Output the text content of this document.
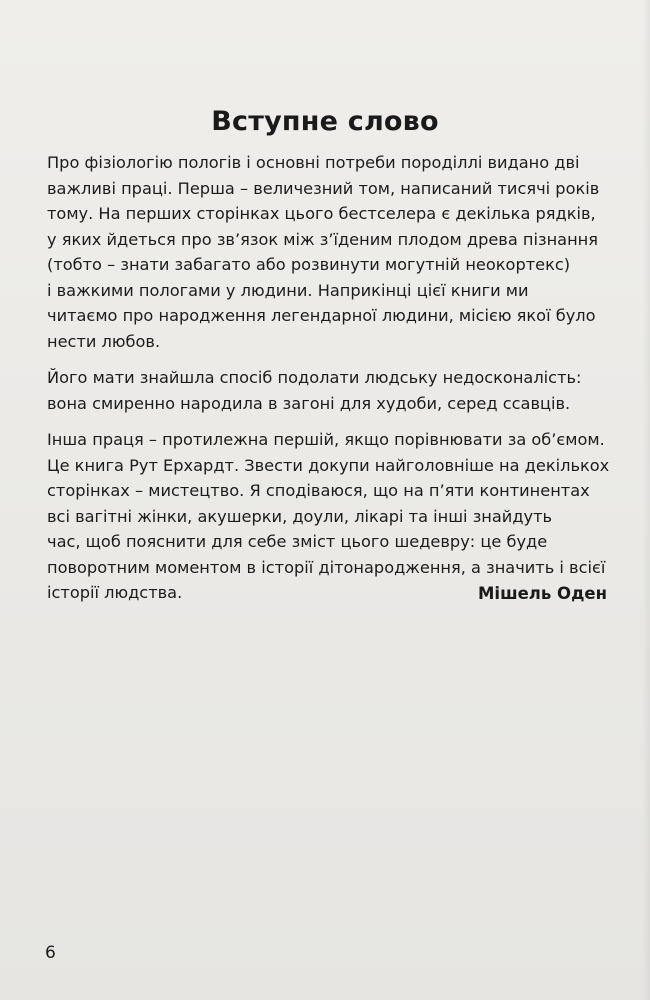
Вступне слово

Про фізіологію пологів і основні потреби породіллі видано дві
важливі праці. Перша – величезний том, написаний тисячі років
тому. На перших сторінках цього бестселера є декілька рядків,
у яких йдеться про зв’язок між з’їденим плодом древа пізнання
(тобто – знати забагато або розвинути могутній неокортекс)
і важкими пологами у людини. Наприкінці цієї книги ми
читаємо про народження легендарної людини, місією якої було
нести любов.

Його мати знайшла спосіб подолати людську недосконалість:
вона смиренно народила в загоні для худоби, серед ссавців.

Інша праця – протилежна першій, якщо порівнювати за об’ємом.
Це книга Рут Ерхардт. Звести докупи найголовніше на декількох
сторінках – мистецтво. Я сподіваюся, що на п’яти континентах
всі вагітні жінки, акушерки, доули, лікарі та інші знайдуть
час, щоб пояснити для себе зміст цього шедевру: це буде
поворотним моментом в історії дітонародження, а значить і всієї
історії людства.	Мішель Оден
6
